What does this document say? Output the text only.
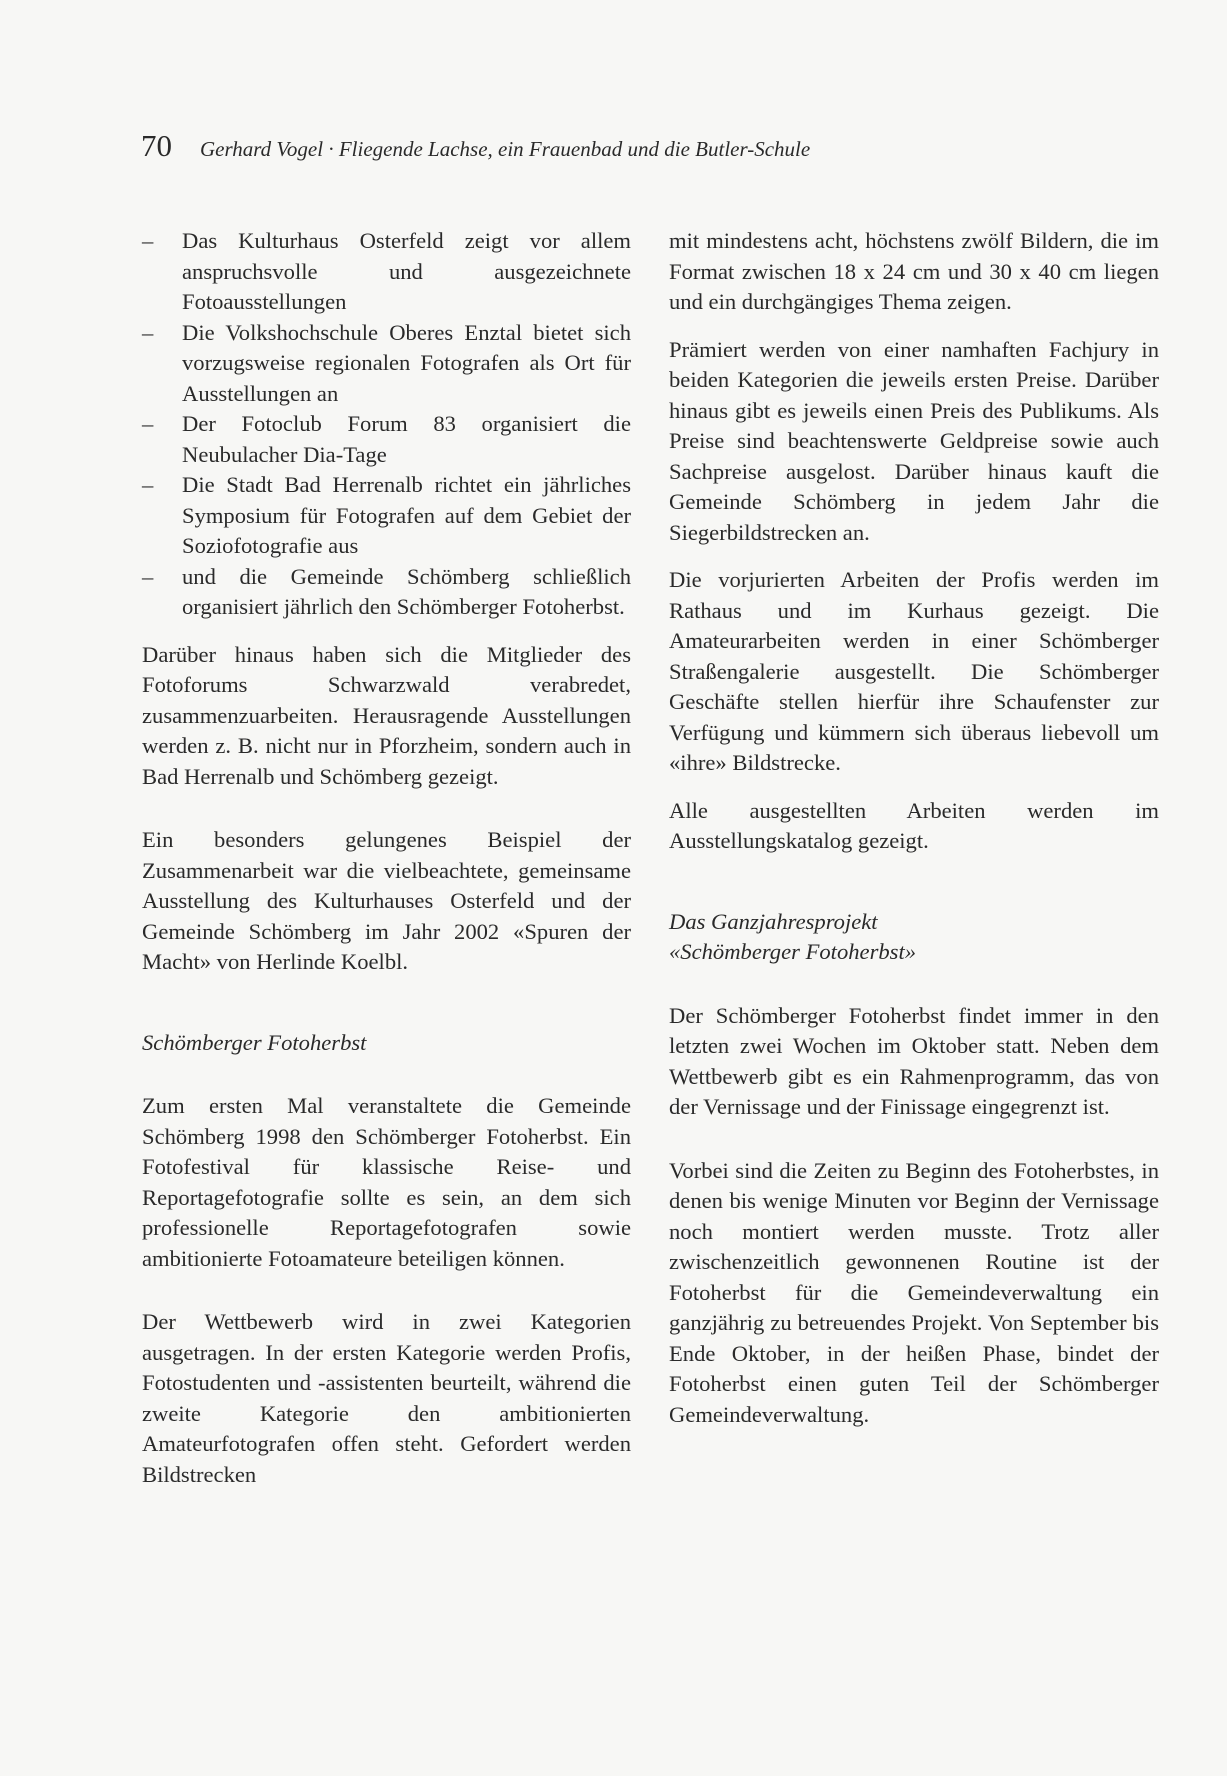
70 Gerhard Vogel · Fliegende Lachse, ein Frauenbad und die Butler-Schule
– Das Kulturhaus Osterfeld zeigt vor allem anspruchsvolle und ausgezeichnete Fotoausstellungen
– Die Volkshochschule Oberes Enztal bietet sich vorzugsweise regionalen Fotografen als Ort für Ausstellungen an
– Der Fotoclub Forum 83 organisiert die Neubulacher Dia-Tage
– Die Stadt Bad Herrenalb richtet ein jährliches Symposium für Fotografen auf dem Gebiet der Soziofotografie aus
– und die Gemeinde Schömberg schließlich organisiert jährlich den Schömberger Fotoherbst.

Darüber hinaus haben sich die Mitglieder des Fotoforums Schwarzwald verabredet, zusammenzuarbeiten. Herausragende Ausstellungen werden z. B. nicht nur in Pforzheim, sondern auch in Bad Herrenalb und Schömberg gezeigt.

Ein besonders gelungenes Beispiel der Zusammenarbeit war die vielbeachtete, gemeinsame Ausstellung des Kulturhauses Osterfeld und der Gemeinde Schömberg im Jahr 2002 «Spuren der Macht» von Herlinde Koelbl.

Schömberger Fotoherbst

Zum ersten Mal veranstaltete die Gemeinde Schömberg 1998 den Schömberger Fotoherbst. Ein Fotofestival für klassische Reise- und Reportagefotografie sollte es sein, an dem sich professionelle Reportagefotografen sowie ambitionierte Fotoamateure beteiligen können.

Der Wettbewerb wird in zwei Kategorien ausgetragen. In der ersten Kategorie werden Profis, Fotostudenten und -assistenten beurteilt, während die zweite Kategorie den ambitionierten Amateurfotografen offen steht. Gefordert werden Bildstrecken

mit mindestens acht, höchstens zwölf Bildern, die im Format zwischen 18 x 24 cm und 30 x 40 cm liegen und ein durchgängiges Thema zeigen.

Prämiert werden von einer namhaften Fachjury in beiden Kategorien die jeweils ersten Preise. Darüber hinaus gibt es jeweils einen Preis des Publikums. Als Preise sind beachtenswerte Geldpreise sowie auch Sachpreise ausgelost. Darüber hinaus kauft die Gemeinde Schömberg in jedem Jahr die Siegerbildstrecken an.

Die vorjurierten Arbeiten der Profis werden im Rathaus und im Kurhaus gezeigt. Die Amateurarbeiten werden in einer Schömberger Straßengalerie ausgestellt. Die Schömberger Geschäfte stellen hierfür ihre Schaufenster zur Verfügung und kümmern sich überaus liebevoll um «ihre» Bildstrecke.

Alle ausgestellten Arbeiten werden im Ausstellungskatalog gezeigt.

Das Ganzjahresprojekt

«Schömberger Fotoherbst»

Der Schömberger Fotoherbst findet immer in den letzten zwei Wochen im Oktober statt. Neben dem Wettbewerb gibt es ein Rahmenprogramm, das von der Vernissage und der Finissage eingegrenzt ist.

Vorbei sind die Zeiten zu Beginn des Fotoherbstes, in denen bis wenige Minuten vor Beginn der Vernissage noch montiert werden musste. Trotz aller zwischenzeitlich gewonnenen Routine ist der Fotoherbst für die Gemeindeverwaltung ein ganzjährig zu betreuendes Projekt. Von September bis Ende Oktober, in der heißen Phase, bindet der Fotoherbst einen guten Teil der Schömberger Gemeindeverwaltung.
